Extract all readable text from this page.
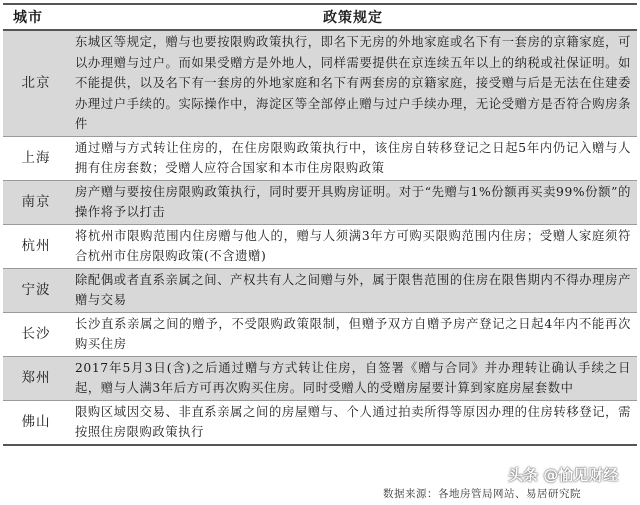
城市	政策规定
北京	东城区等规定，赠与也要按限购政策执行，即名下无房的外地家庭或名下有一套房的京籍家庭，可以办理赠与过户。而如果受赠方是外地人，同样需要提供在京连续五年以上的纳税或社保证明。如不能提供，以及名下有一套房的外地家庭和名下有两套房的京籍家庭，接受赠与后是无法在住建委办理过户手续的。实际操作中，海淀区等全部停止赠与过户手续办理，无论受赠方是否符合购房条件
上海	通过赠与方式转让住房的，在住房限购政策执行中，该住房自转移登记之日起5年内仍记入赠与人拥有住房套数；受赠人应符合国家和本市住房限购政策
南京	房产赠与要按住房限购政策执行，同时要开具购房证明。对于“先赠与1%份额再买卖99%份额”的操作将予以打击
杭州	将杭州市限购范围内住房赠与他人的，赠与人须满3年方可购买限购范围内住房；受赠人家庭须符合杭州市住房限购政策(不含遗赠)
宁波	除配偶或者直系亲属之间、产权共有人之间赠与外，属于限售范围的住房在限售期内不得办理房产赠与交易
长沙	长沙直系亲属之间的赠予，不受限购政策限制，但赠予双方自赠予房产登记之日起4年内不能再次购买住房
郑州	2017年5月3日(含)之后通过赠与方式转让住房，自签署《赠与合同》并办理转让确认手续之日起，赠与人满3年后方可再次购买住房。同时受赠人的受赠房屋要计算到家庭房屋套数中
佛山	限购区域因交易、非直系亲属之间的房屋赠与、个人通过拍卖所得等原因办理的住房转移登记，需按照住房限购政策执行
数据来源：各地房管局网站、易居研究院
头条 @愉见财经
